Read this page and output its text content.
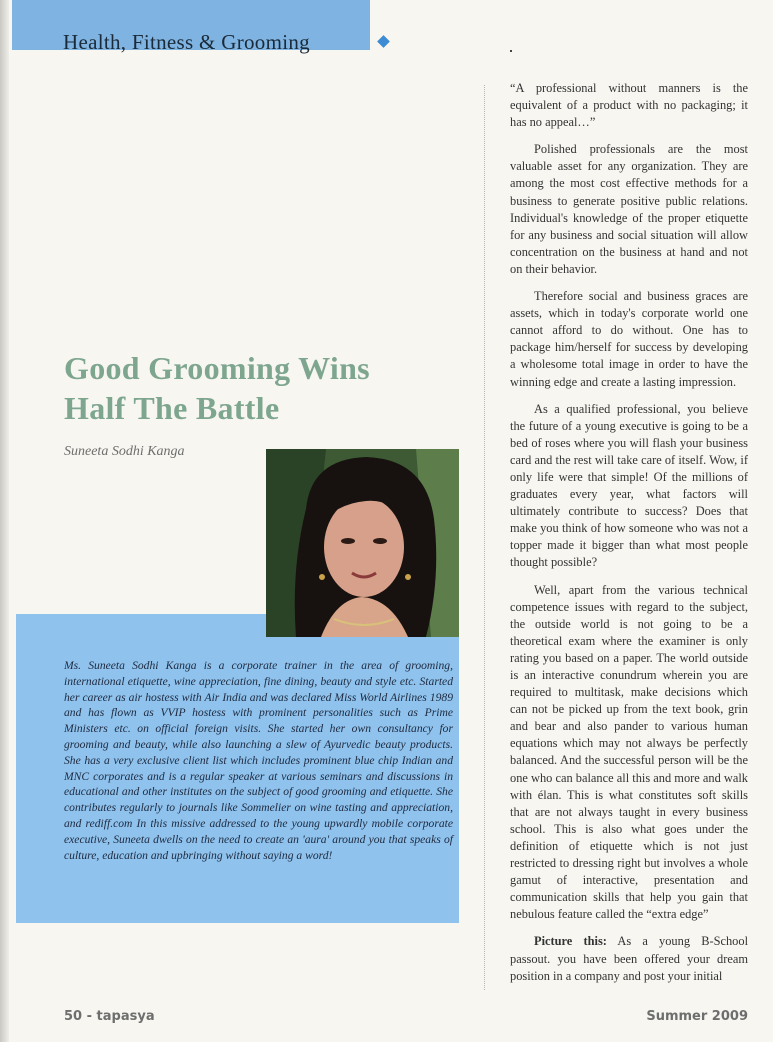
Health, Fitness & Grooming
Good Grooming Wins
Half The Battle
Suneeta Sodhi Kanga

Ms. Suneeta Sodhi Kanga is a corporate trainer in the area of grooming, international etiquette, wine appreciation, fine dining, beauty and style etc. Started her career as air hostess with Air India and was declared Miss World Airlines 1989 and has flown as VVIP hostess with prominent personalities such as Prime Ministers etc. on official foreign visits. She started her own consultancy for grooming and beauty, while also launching a slew of Ayurvedic beauty products. She has a very exclusive client list which includes prominent blue chip Indian and MNC corporates and is a regular speaker at various seminars and discussions in educational and other institutes on the subject of good grooming and etiquette. She contributes regularly to journals like Sommelier on wine tasting and appreciation, and rediff.com In this missive addressed to the young upwardly mobile corporate executive, Suneeta dwells on the need to create an 'aura' around you that speaks of culture, education and upbringing without saying a word!

“A professional without manners is the equivalent of a product with no packaging; it has no appeal…”

Polished professionals are the most valuable asset for any organization. They are among the most cost effective methods for a business to generate positive public relations. Individual's knowledge of the proper etiquette for any business and social situation will allow concentration on the business at hand and not on their behavior.

Therefore social and business graces are assets, which in today's corporate world one cannot afford to do without. One has to package him/herself for success by developing a wholesome total image in order to have the winning edge and create a lasting impression.

As a qualified professional, you believe the future of a young executive is going to be a bed of roses where you will flash your business card and the rest will take care of itself. Wow, if only life were that simple! Of the millions of graduates every year, what factors will ultimately contribute to success? Does that make you think of how someone who was not a topper made it bigger than what most people thought possible?

Well, apart from the various technical competence issues with regard to the subject, the outside world is not going to be a theoretical exam where the examiner is only rating you based on a paper. The world outside is an interactive conundrum wherein you are required to multitask, make decisions which can not be picked up from the text book, grin and bear and also pander to various human equations which may not always be perfectly balanced. And the successful person will be the one who can balance all this and more and walk with élan. This is what constitutes soft skills that are not always taught in every business school. This is also what goes under the definition of etiquette which is not just restricted to dressing right but involves a whole gamut of interactive, presentation and communication skills that help you gain that nebulous feature called the “extra edge”

Picture this: As a young B-School passout. you have been offered your dream position in a company and post your initial

50 - tapasya	Summer 2009
